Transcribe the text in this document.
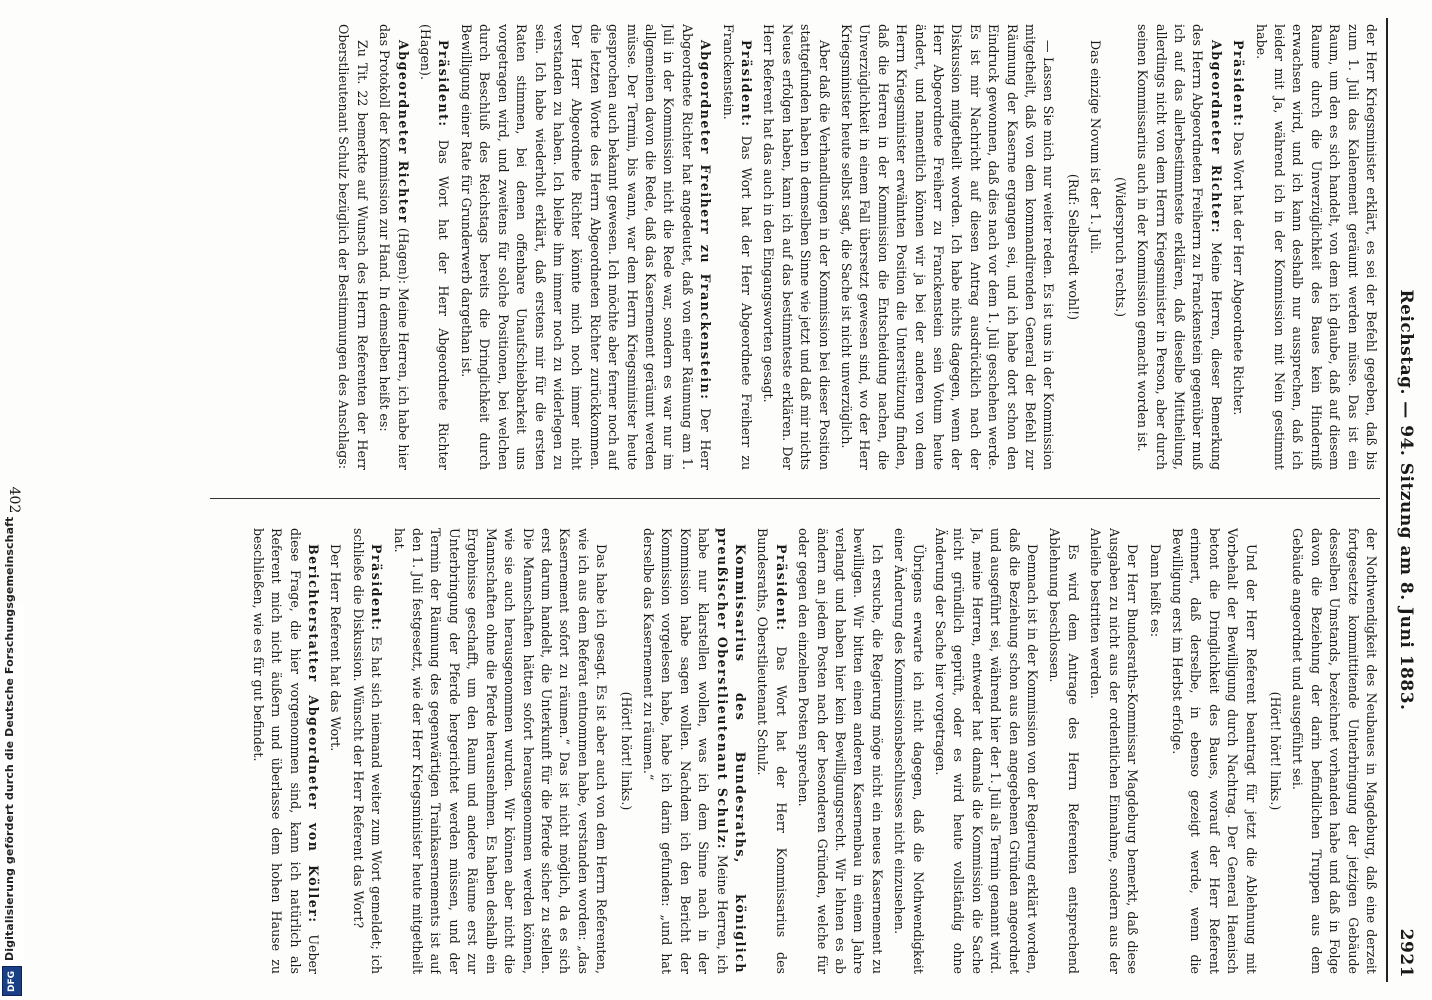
Reichstag. — 94. Sitzung am 8. Juni 1883.
2921

der Herr Kriegsminister erklärt, es sei der Befehl gegeben, daß bis zum 1. Juli das Kalenement geräumt werden müsse. Das ist ein Raum, um den es sich handelt, von dem ich glaube, daß auf diesem Raume durch die Unverzüglichkeit des Baues kein Hinderniß erwachsen wird, und ich kann deshalb nur aussprechen, daß ich leider mit Ja, während ich in der Kommission mit Nein gestimmt habe.

Präsident: Das Wort hat der Herr Abgeordnete Richter.

Abgeordneter Richter: Meine Herren, dieser Bemerkung des Herrn Abgeordneten Freiherrn zu Franckenstein gegenüber muß ich auf das allerbestimmteste erklären, daß dieselbe Mittheilung, allerdings nicht von dem Herrn Kriegsminister in Person, aber durch seinen Kommissarius auch in der Kommission gemacht worden ist.

(Widerspruch rechts.)

Das einzige Novum ist der 1. Juli.

(Ruf: Selbstredt wohl!)

— Lassen Sie mich nur weiter reden. Es ist uns in der Kommission mitgetheilt, daß von dem kommandirenden General der Befehl zur Räumung der Kaserne ergangen sei, und ich habe dort schon den Eindruck gewonnen, daß dies nach vor dem 1. Juli geschehen werde. Es ist mir Nachricht auf diesen Antrag ausdrücklich nach der Diskussion mitgetheilt worden. Ich habe nichts dagegen, wenn der Herr Abgeordnete Freiherr zu Franckenstein sein Votum heute ändert, und namentlich können wir ja bei der anderen von dem Herrn Kriegsminister erwähnten Position die Unterstützung finden, daß die Herren in der Kommission die Entscheidung nachen, die Unverzüglichkeit in einem Fall übersetzt gewesen sind, wo der Herr Kriegsminister heute selbst sagt, die Sache ist nicht unverzüglich.

Aber daß die Verhandlungen in der Kommission bei dieser Position stattgefunden haben in demselben Sinne wie jetzt und daß mir nichts Neues erfolgen haben, kann ich auf das bestimmteste erklären. Der Herr Referent hat das auch in den Eingangsworten gesagt.

Präsident: Das Wort hat der Herr Abgeordnete Freiherr zu Franckenstein.

Abgeordneter Freiherr zu Franckenstein: Der Herr Abgeordnete Richter hat angedeutet, daß von einer Räumung am 1. Juli in der Kommission nicht die Rede war, sondern es war nur im allgemeinen davon die Rede, daß das Kasernement geräumt werden müsse. Der Termin, bis wann, war dem Herrn Kriegsminister heute gesprochen auch bekannt gewesen. Ich möchte aber ferner noch auf die letzten Worte des Herrn Abgeordneten Richter zurückkommen. Der Herr Abgeordnete Richter könnte mich noch immer nicht verstanden zu haben. Ich bleibe ihm immer noch zu widerlegen zu sein. Ich habe wiederholt erklärt, daß erstens mir für die ersten Raten stimmen, bei denen offenbare Unaufschiebbarkeit uns vorgetragen wird, und zweitens für solche Positionen, bei welchen durch Beschluß des Reichstags bereits die Dringlichkeit durch Bewilligung einer Rate für Grunderwerb dargethan ist.

Präsident: Das Wort hat der Herr Abgeordnete Richter (Hagen).

Abgeordneter Richter (Hagen): Meine Herren, ich habe hier das Protokoll der Kommission zur Hand. In demselben heißt es:

Zu Tit. 22 bemerkte auf Wunsch des Herrn Referenten der Herr Oberstlieutenant Schulz bezüglich der Bestimmungen des Anschlags:

der Nothwendigkeit des Neubaues in Magdeburg, daß eine derzeit fortgesetzte kommittitende Unterbringung der jetzigen Gebäude desselben Umstands, bezeichnet vorhanden habe und daß in Folge davon die Beziehung der darin befindlichen Truppen aus dem Gebäude angeordnet und ausgeführt sei.

(Hört! hört! links.)

Und der Herr Referent beantragt für jetzt die Ablehnung mit Vorbehalt der Bewilligung durch Nachtrag. Der General Haenisch betont die Dringlichkeit des Baues, worauf der Herr Referent erinnert, daß derselbe, in ebenso gezeigt werde, wenn die Bewilligung erst im Herbst erfolge.

Dann heißt es:

Der Herr Bundesraths-Kommissar Magdeburg bemerkt, daß diese Ausgaben zu nicht aus der ordentlichen Einnahme, sondern aus der Anleihe bestritten werden.

Es wird dem Antrage des Herrn Referenten entsprechend Ablehnung beschlossen.

Demnach ist in der Kommission von der Regierung erklärt worden, daß die Beziehung schon aus den angegebenen Gründen angeordnet und ausgeführt sei, während hier der 1. Juli als Termin genannt wird. Ja, meine Herren, entweder hat damals die Kommission die Sache nicht gründlich geprüft, oder es wird heute vollständig ohne Änderung der Sache hier vorgetragen.

Übrigens erwarte ich nicht dagegen, daß die Nothwendigkeit einer Änderung des Kommissionsbeschlusses nicht einzusehen.

Ich ersuche, die Regierung möge nicht ein neues Kasernement zu bewilligen. Wir bitten einen anderen Kasernenbau in einem Jahre verlangt und haben hier kein Bewilligungsrecht. Wir lehnen es ab ändern an jedem Posten nach der besonderen Gründen, welche für oder gegen den einzelnen Posten sprechen.

Präsident: Das Wort hat der Herr Kommissarius des Bundesraths, Oberstlieutenant Schulz.

Kommissarius des Bundesraths, königlich preußischer Oberstlieutenant Schulz: Meine Herren, ich habe nur klarstellen wollen, was ich dem Sinne nach in der Kommission habe sagen wollen. Nachdem ich den Bericht der Kommission vorgelesen habe, habe ich darin gefunden: „und hat derselbe das Kasernement zu räumen.“

(Hört! hört! links.)

Das habe ich gesagt. Es ist aber auch von dem Herrn Referenten, wie ich aus dem Referat entnommen habe, verstanden worden: „das Kasernement sofort zu räumen.“ Das ist nicht möglich, da es sich erst darum handelt, die Unterkunft für die Pferde sicher zu stellen. Die Mannschaften hätten sofort herausgenommen werden können, wie sie auch herausgenommen wurden. Wir können aber nicht die Mannschaften ohne die Pferde herausnehmen. Es haben deshalb ein Ergebnisse geschafft, um den Raum und andere Räume erst zur Unterbringung der Pferde hergerichtet werden müssen, und der Termin der Räumung des gegenwärtigen Trainkasernements ist auf den 1. Juli festgesetzt, wie der Herr Kriegsminister heute mitgetheilt hat.

Präsident: Es hat sich niemand weiter zum Wort gemeldet; ich schließe die Diskussion. Wünscht der Herr Referent das Wort?

Der Herr Referent hat das Wort.

Berichterstatter Abgeordneter von Köller: Ueber diese Frage, die hier vorgenommen sind, kann ich natürlich als Referent mich nicht äußern und überlasse dem hohen Hause zu beschließen, wie es für gut befindet.

402
Digitalisierung gefördert durch die Deutsche Forschungsgemeinschaft
DFG
